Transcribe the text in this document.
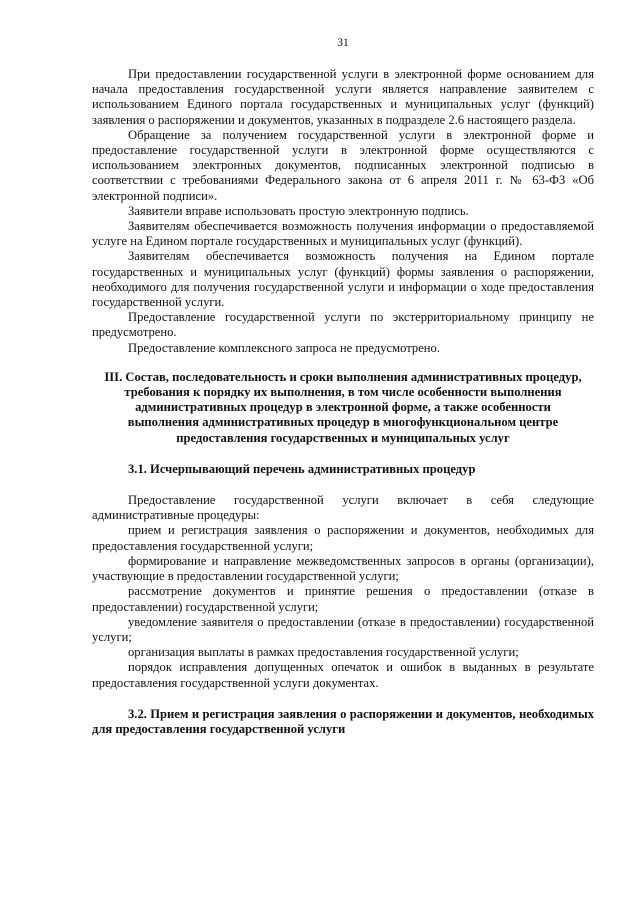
31

При предоставлении государственной услуги в электронной форме основанием для начала предоставления государственной услуги является направление заявителем с использованием Единого портала государственных и муниципальных услуг (функций) заявления о распоряжении и документов, указанных в подразделе 2.6 настоящего раздела.

Обращение за получением государственной услуги в электронной форме и предоставление государственной услуги в электронной форме осуществляются с использованием электронных документов, подписанных электронной подписью в соответствии с требованиями Федерального закона от 6 апреля 2011 г. № 63-ФЗ «Об электронной подписи».

Заявители вправе использовать простую электронную подпись.

Заявителям обеспечивается возможность получения информации о предоставляемой услуге на Едином портале государственных и муниципальных услуг (функций).

Заявителям обеспечивается возможность получения на Едином портале государственных и муниципальных услуг (функций) формы заявления о распоряжении, необходимого для получения государственной услуги и информации о ходе предоставления государственной услуги.

Предоставление государственной услуги по экстерриториальному принципу не предусмотрено.

Предоставление комплексного запроса не предусмотрено.

III. Состав, последовательность и сроки выполнения административных процедур, требования к порядку их выполнения, в том числе особенности выполнения административных процедур в электронной форме, а также особенности выполнения административных процедур в многофункциональном центре предоставления государственных и муниципальных услуг

3.1. Исчерпывающий перечень административных процедур

Предоставление государственной услуги включает в себя следующие административные процедуры:

прием и регистрация заявления о распоряжении и документов, необходимых для предоставления государственной услуги;

формирование и направление межведомственных запросов в органы (организации), участвующие в предоставлении государственной услуги;

рассмотрение документов и принятие решения о предоставлении (отказе в предоставлении) государственной услуги;

уведомление заявителя о предоставлении (отказе в предоставлении) государственной услуги;

организация выплаты в рамках предоставления государственной услуги;

порядок исправления допущенных опечаток и ошибок в выданных в результате предоставления государственной услуги документах.

3.2. Прием и регистрация заявления о распоряжении и документов, необходимых для предоставления государственной услуги
